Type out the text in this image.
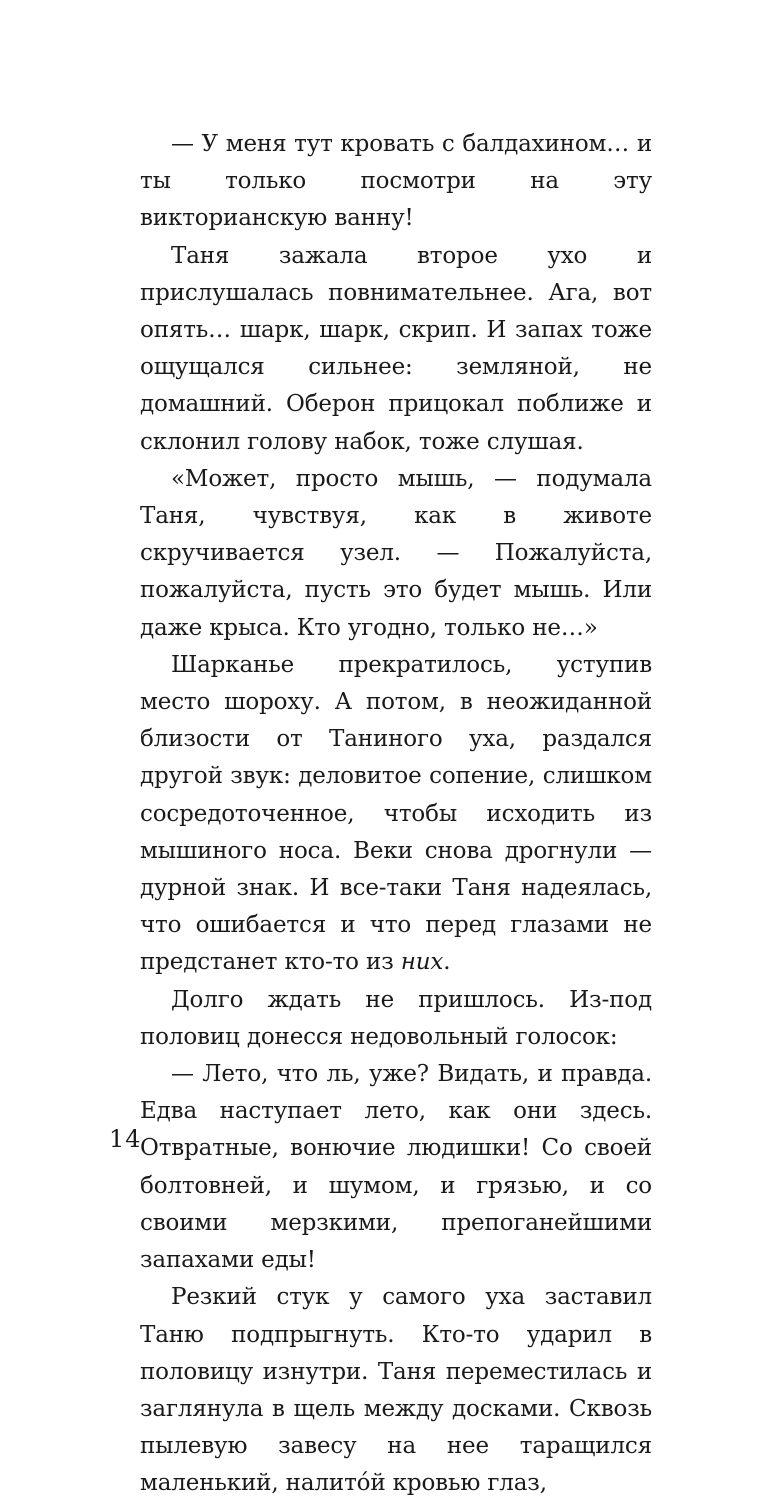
— У меня тут кровать с балдахином… и ты только посмотри на эту викторианскую ванну!

Таня зажала второе ухо и прислушалась повнимательнее. Ага, вот опять… шарк, шарк, скрип. И запах тоже ощущался сильнее: земляной, не домашний. Оберон прицокал поближе и склонил голову набок, тоже слушая.

«Может, просто мышь, — подумала Таня, чувствуя, как в животе скручивается узел. — Пожалуйста, пожалуйста, пусть это будет мышь. Или даже крыса. Кто угодно, только не…»

Шарканье прекратилось, уступив место шороху. А потом, в неожиданной близости от Таниного уха, раздался другой звук: деловитое сопение, слишком сосредоточенное, чтобы исходить из мышиного носа. Веки снова дрогнули — дурной знак. И все-таки Таня надеялась, что ошибается и что перед глазами не предстанет кто-то из них.

Долго ждать не пришлось. Из-под половиц донесся недовольный голосок:

— Лето, что ль, уже? Видать, и правда. Едва наступает лето, как они здесь. Отвратные, вонючие людишки! Со своей болтовней, и шумом, и грязью, и со своими мерзкими, препоганейшими запахами еды!

Резкий стук у самого уха заставил Таню подпрыгнуть. Кто-то ударил в половицу изнутри. Таня переместилась и заглянула в щель между досками. Сквозь пылевую завесу на нее таращился маленький, налитóй кровью глаз,

14
